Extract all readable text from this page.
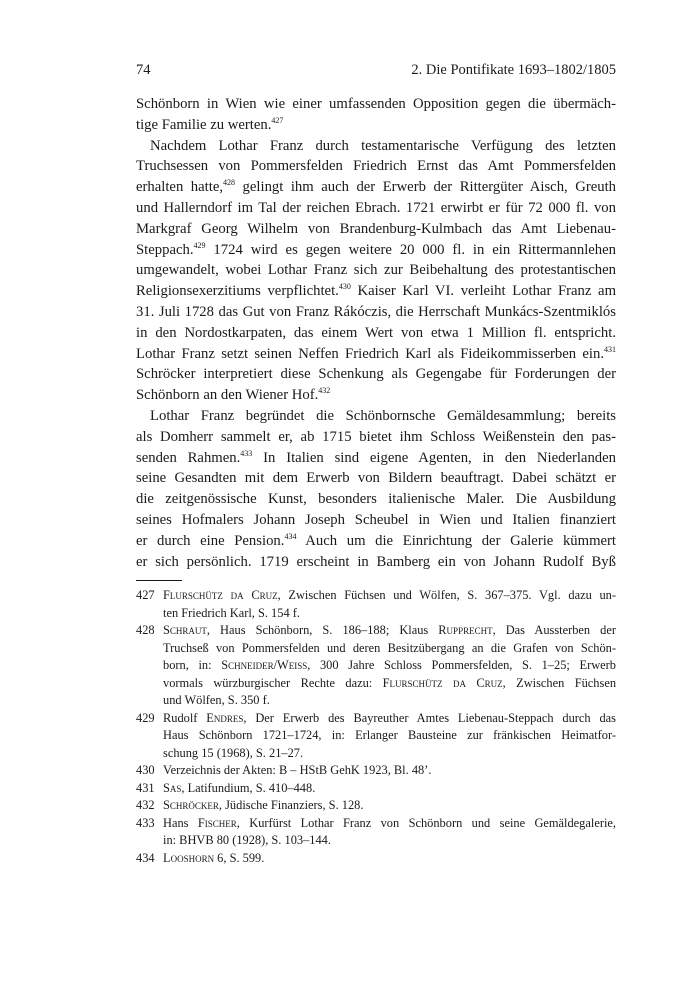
74	2. Die Pontifikate 1693–1802/1805
Schönborn in Wien wie einer umfassenden Opposition gegen die übermäch-
tige Familie zu werten.$^{427}$
Nachdem Lothar Franz durch testamentarische Verfügung des letzten
Truchsessen von Pommersfelden Friedrich Ernst das Amt Pommersfelden
erhalten hatte,$^{428}$ gelingt ihm auch der Erwerb der Rittergüter Aisch, Greuth
und Hallerndorf im Tal der reichen Ebrach. 1721 erwirbt er für 72 000 fl. von
Markgraf Georg Wilhelm von Brandenburg-Kulmbach das Amt Liebenau-
Steppach.$^{429}$ 1724 wird es gegen weitere 20 000 fl. in ein Rittermannlehen
umgewandelt, wobei Lothar Franz sich zur Beibehaltung des protestantischen
Religionsexerzitiums verpflichtet.$^{430}$ Kaiser Karl VI. verleiht Lothar Franz am
31. Juli 1728 das Gut von Franz Rákóczis, die Herrschaft Munkács-Szentmiklós
in den Nordostkarpaten, das einem Wert von etwa 1 Million fl. entspricht.
Lothar Franz setzt seinen Neffen Friedrich Karl als Fideikommisserben ein.$^{431}$
Schröcker interpretiert diese Schenkung als Gegengabe für Forderungen der
Schönborn an den Wiener Hof.$^{432}$
Lothar Franz begründet die Schönbornsche Gemäldesammlung; bereits
als Domherr sammelt er, ab 1715 bietet ihm Schloss Weißenstein den pas-
senden Rahmen.$^{433}$ In Italien sind eigene Agenten, in den Niederlanden
seine Gesandten mit dem Erwerb von Bildern beauftragt. Dabei schätzt er
die zeitgenössische Kunst, besonders italienische Maler. Die Ausbildung
seines Hofmalers Johann Joseph Scheubel in Wien und Italien finanziert
er durch eine Pension.$^{434}$ Auch um die Einrichtung der Galerie kümmert
er sich persönlich. 1719 erscheint in Bamberg ein von Johann Rudolf Byß
427 Flurschütz da Cruz, Zwischen Füchsen und Wölfen, S. 367–375. Vgl. dazu un-
ten Friedrich Karl, S. 154 f.
428 Schraut, Haus Schönborn, S. 186–188; Klaus Rupprecht, Das Aussterben der
Truchseß von Pommersfelden und deren Besitzübergang an die Grafen von Schön-
born, in: Schneider/Weiss, 300 Jahre Schloss Pommersfelden, S. 1–25; Erwerb
vormals würzburgischer Rechte dazu: Flurschütz da Cruz, Zwischen Füchsen
und Wölfen, S. 350 f.
429 Rudolf Endres, Der Erwerb des Bayreuther Amtes Liebenau-Steppach durch das
Haus Schönborn 1721–1724, in: Erlanger Bausteine zur fränkischen Heimatfor-
schung 15 (1968), S. 21–27.
430 Verzeichnis der Akten: B – HStB GehK 1923, Bl. 48’.
431 Sas, Latifundium, S. 410–448.
432 Schröcker, Jüdische Finanziers, S. 128.
433 Hans Fischer, Kurfürst Lothar Franz von Schönborn und seine Gemäldegalerie,
in: BHVB 80 (1928), S. 103–144.
434 Looshorn 6, S. 599.
